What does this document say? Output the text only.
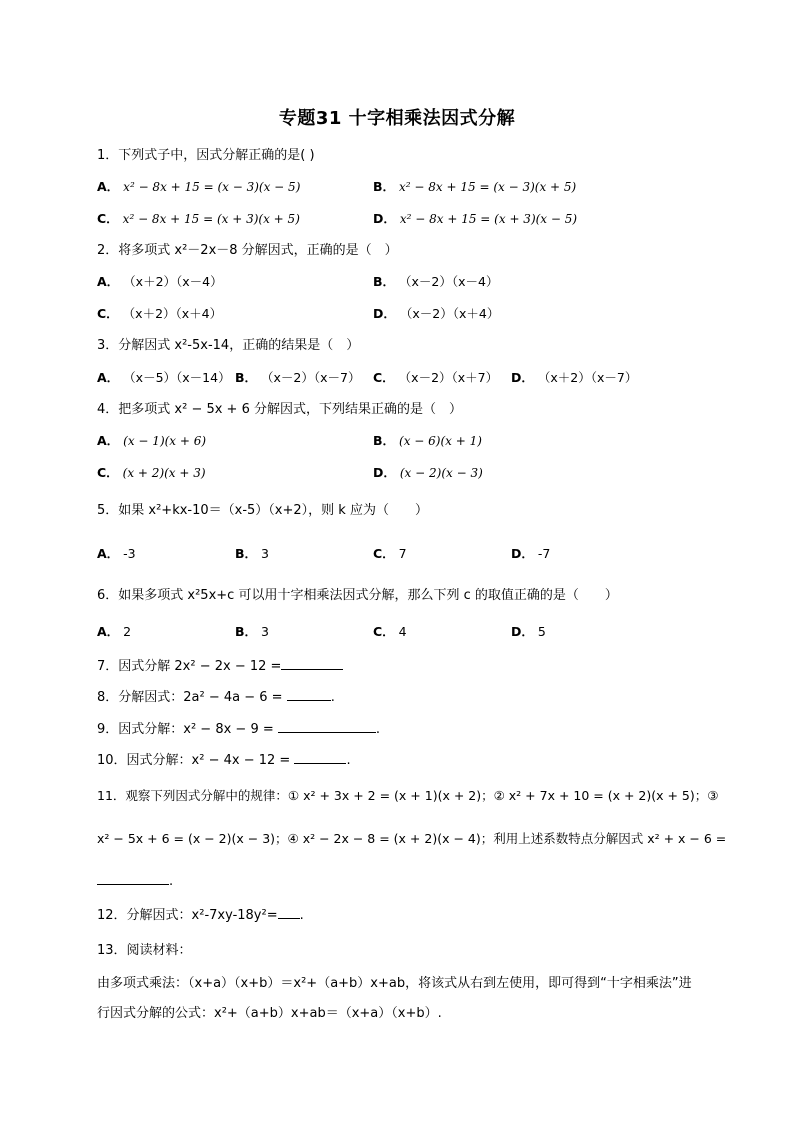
专题31 十字相乘法因式分解
1．下列式子中，因式分解正确的是( )
A． x² − 8x + 15 = (x − 3)(x − 5)	B． x² − 8x + 15 = (x − 3)(x + 5)
C． x² − 8x + 15 = (x + 3)(x + 5)	D． x² − 8x + 15 = (x + 3)(x − 5)
2．将多项式 x²－2x－8 分解因式，正确的是（　）
A． （x＋2）（x－4）	B． （x－2）（x－4）
C． （x＋2）（x＋4）	D． （x－2）（x＋4）
3．分解因式 x²-5x-14，正确的结果是（　）
A． （x－5）（x－14） B． （x－2）（x－7） C． （x－2）（x＋7） D． （x＋2）（x－7）
4．把多项式 x² − 5x + 6 分解因式，下列结果正确的是（　）
A． (x − 1)(x + 6)	B． (x − 6)(x + 1)
C． (x + 2)(x + 3)	D． (x − 2)(x − 3)
5．如果 x²+kx-10＝（x-5）（x+2），则 k 应为（　　）
A． -3	B． 3	C． 7	D． -7
6．如果多项式 x²5x+c 可以用十字相乘法因式分解，那么下列 c 的取值正确的是（　　）
A． 2	B． 3	C． 4	D． 5
7．因式分解 2x² − 2x − 12 =
8．分解因式：2a² − 4a − 6 =	.
9．因式分解：x² − 8x − 9 =	.
10．因式分解：x² − 4x − 12 =	.
11．观察下列因式分解中的规律：① x² + 3x + 2 = (x + 1)(x + 2)；② x² + 7x + 10 = (x + 2)(x + 5)；③
x² − 5x + 6 = (x − 2)(x − 3)；④ x² − 2x − 8 = (x + 2)(x − 4)；利用上述系数特点分解因式 x² + x − 6 =
.
12．分解因式：x²-7xy-18y²= .
13．阅读材料：
由多项式乘法：（x+a）（x+b）＝x²+（a+b）x+ab，将该式从右到左使用，即可得到“十字相乘法”进
行因式分解的公式：x²+（a+b）x+ab＝（x+a）（x+b）.
